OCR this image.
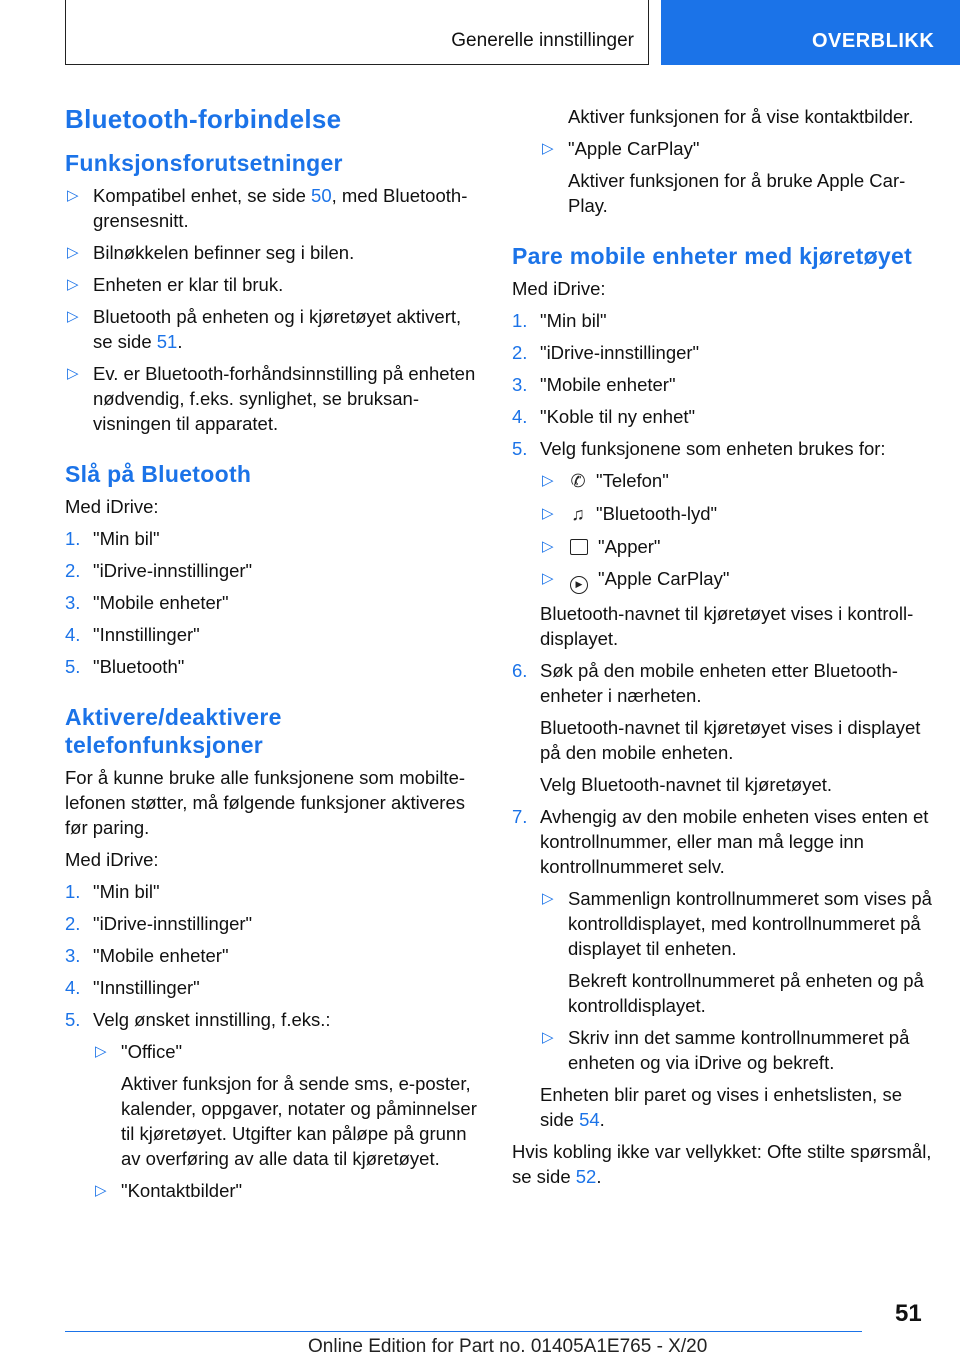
Generelle innstillinger	OVERBLIKK
Bluetooth-forbindelse
Funksjonsforutsetninger
▷ Kompatibel enhet, se side 50, med Bluetooth-grensesnitt.
▷ Bilnøkkelen befinner seg i bilen.
▷ Enheten er klar til bruk.
▷ Bluetooth på enheten og i kjøretøyet aktivert, se side 51.
▷ Ev. er Bluetooth-forhåndsinnstilling på enheten nødvendig, f.eks. synlighet, se bruksanvisningen til apparatet.
Slå på Bluetooth

Med iDrive:

1. "Min bil"
2. "iDrive-innstillinger"
3. "Mobile enheter"
4. "Innstillinger"
5. "Bluetooth"
Aktivere/deaktivere telefonfunksjoner

For å kunne bruke alle funksjonene som mobiltelefonen støtter, må følgende funksjoner aktiveres før paring.

Med iDrive:

1. "Min bil"
2. "iDrive-innstillinger"
3. "Mobile enheter"
4. "Innstillinger"
5. Velg ønsket innstilling, f.eks.:
▷ "Office"

Aktiver funksjon for å sende sms, e-poster, kalender, oppgaver, notater og påminnelser til kjøretøyet. Utgifter kan påløpe på grunn av overføring av alle data til kjøretøyet.

▷ "Kontaktbilder"

Aktiver funksjonen for å vise kontaktbilder.

▷ "Apple CarPlay"

Aktiver funksjonen for å bruke Apple CarPlay.

Pare mobile enheter med kjøretøyet

Med iDrive:

1. "Min bil"
2. "iDrive-innstillinger"
3. "Mobile enheter"
4. "Koble til ny enhet"
5. Velg funksjonene som enheten brukes for:
▷ ✆ "Telefon"
▷ ♫ "Bluetooth-lyd"
▷ "Apper"
▷ ▶ "Apple CarPlay"

Bluetooth-navnet til kjøretøyet vises i kontrolldisplayet.

6. Søk på den mobile enheten etter Bluetooth-enheter i nærheten.

Bluetooth-navnet til kjøretøyet vises i displayet på den mobile enheten.

Velg Bluetooth-navnet til kjøretøyet.

7. Avhengig av den mobile enheten vises enten et kontrollnummer, eller man må legge inn kontrollnummeret selv.
▷ Sammenlign kontrollnummeret som vises på kontrolldisplayet, med kontrollnummeret på displayet til enheten.

Bekreft kontrollnummeret på enheten og på kontrolldisplayet.

▷ Skriv inn det samme kontrollnummeret på enheten og via iDrive og bekreft.

Enheten blir paret og vises i enhetslisten, se side 54.

Hvis kobling ikke var vellykket: Ofte stilte spørsmål, se side 52.

51
Online Edition for Part no. 01405A1E765 - X/20
